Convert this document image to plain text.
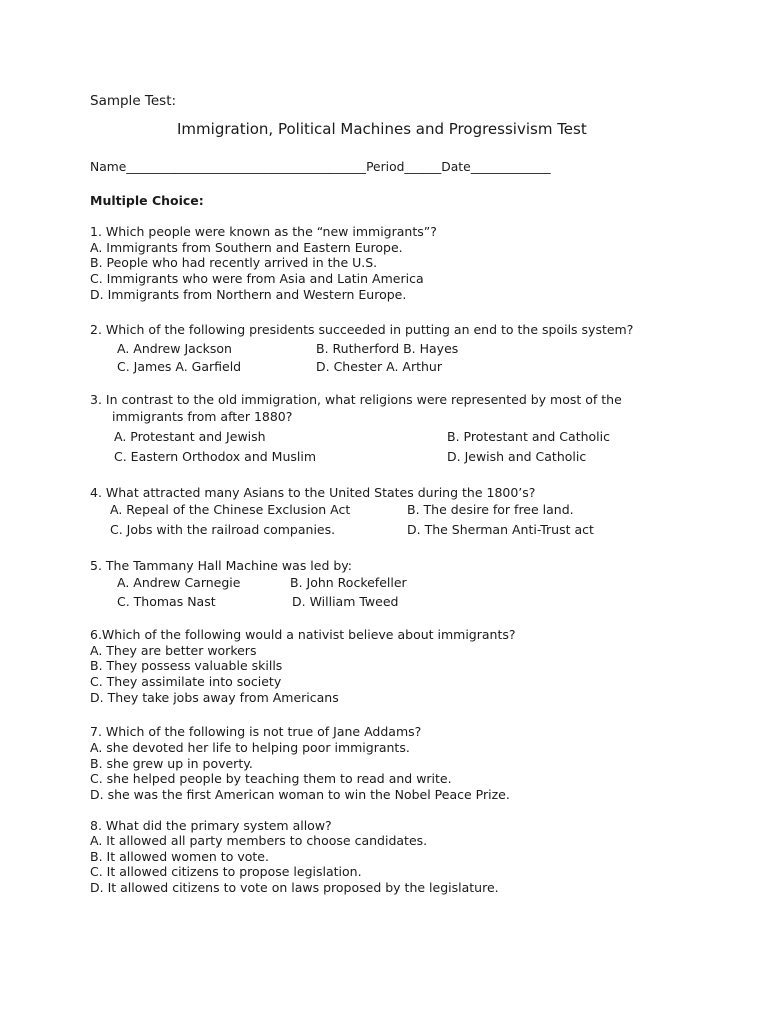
Sample Test:
Immigration, Political Machines and Progressivism Test
Name_______________________________________Period______Date_____________
Multiple Choice:
1. Which people were known as the “new immigrants”?
A. Immigrants from Southern and Eastern Europe.
B. People who had recently arrived in the U.S.
C. Immigrants who were from Asia and Latin America
D. Immigrants from Northern and Western Europe.
2. Which of the following presidents succeeded in putting an end to the spoils system?
A. Andrew Jackson	B. Rutherford B. Hayes
C. James A. Garfield	D. Chester A. Arthur
3. In contrast to the old immigration, what religions were represented by most of the
immigrants from after 1880?
A. Protestant and Jewish	B. Protestant and Catholic
C. Eastern Orthodox and Muslim	D. Jewish and Catholic
4. What attracted many Asians to the United States during the 1800’s?
A. Repeal of the Chinese Exclusion Act	B. The desire for free land.
C. Jobs with the railroad companies.	D. The Sherman Anti-Trust act
5. The Tammany Hall Machine was led by:
A. Andrew Carnegie	B. John Rockefeller
C. Thomas Nast	D. William Tweed
6.Which of the following would a nativist believe about immigrants?
A. They are better workers
B. They possess valuable skills
C. They assimilate into society
D. They take jobs away from Americans
7. Which of the following is not true of Jane Addams?
A. she devoted her life to helping poor immigrants.
B. she grew up in poverty.
C. she helped people by teaching them to read and write.
D. she was the first American woman to win the Nobel Peace Prize.
8. What did the primary system allow?
A. It allowed all party members to choose candidates.
B. It allowed women to vote.
C. It allowed citizens to propose legislation.
D. It allowed citizens to vote on laws proposed by the legislature.
